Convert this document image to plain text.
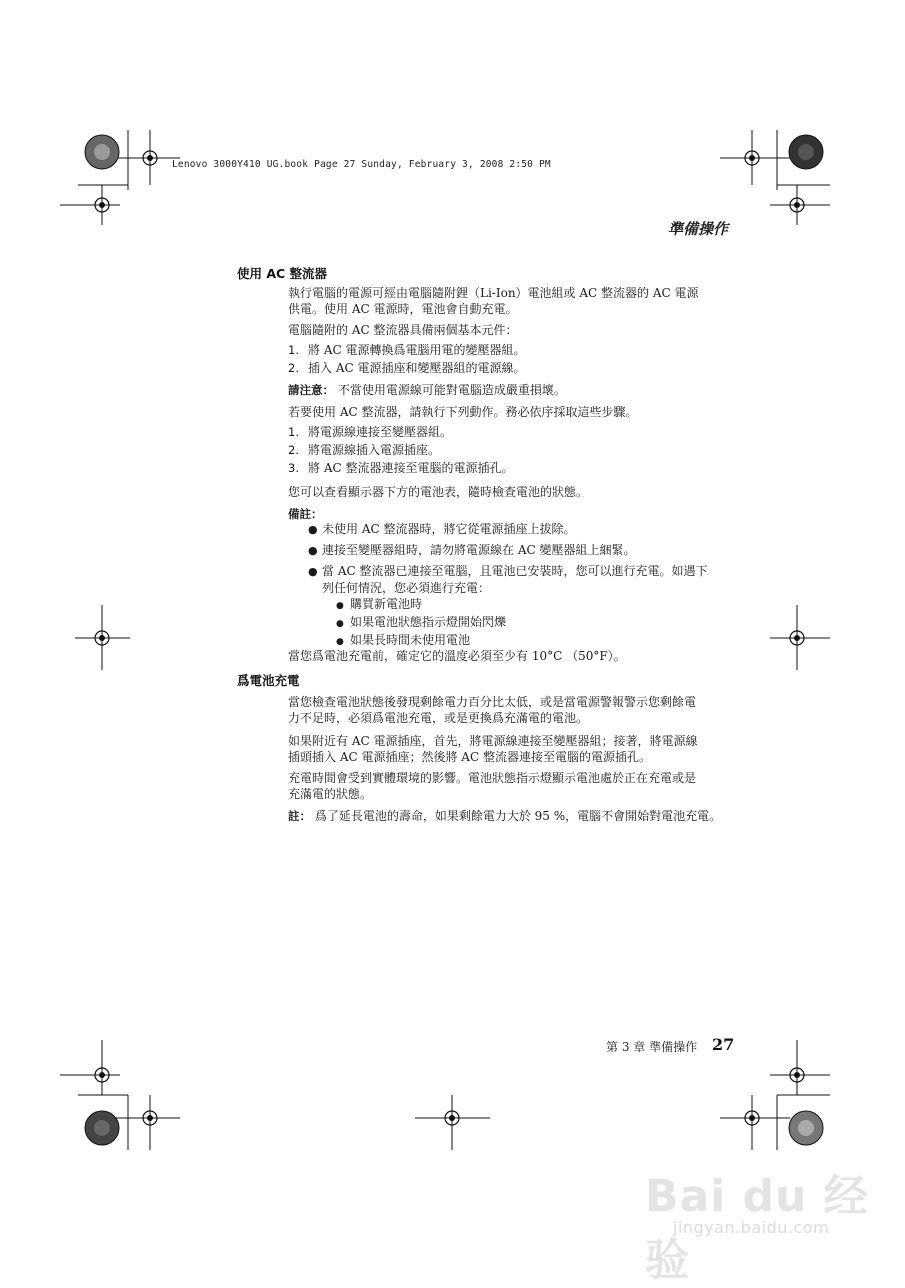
Lenovo 3000Y410 UG.book Page 27 Sunday, February 3, 2008 2:50 PM
準備操作
使用 AC 整流器
執行電腦的電源可經由電腦隨附鋰（Li-Ion）電池組或 AC 整流器的 AC 電源
供電。使用 AC 電源時，電池會自動充電。
電腦隨附的 AC 整流器具備兩個基本元件：
1. 將 AC 電源轉換爲電腦用電的變壓器組。
2. 插入 AC 電源插座和變壓器組的電源線。
請注意： 不當使用電源線可能對電腦造成嚴重損壞。
若要使用 AC 整流器，請執行下列動作。務必依序採取這些步驟。
1. 將電源線連接至變壓器組。
2. 將電源線插入電源插座。
3. 將 AC 整流器連接至電腦的電源插孔。
您可以查看顯示器下方的電池表，隨時檢查電池的狀態。
備註：
● 未使用 AC 整流器時，將它從電源插座上拔除。
● 連接至變壓器組時，請勿將電源線在 AC 變壓器組上綑緊。
● 當 AC 整流器已連接至電腦，且電池已安裝時，您可以進行充電。如遇下
列任何情況，您必須進行充電：
● 購買新電池時
● 如果電池狀態指示燈開始閃爍
● 如果長時間未使用電池
當您爲電池充電前，確定它的溫度必須至少有 10°C （50°F）。
爲電池充電
當您檢查電池狀態後發現剩餘電力百分比太低，或是當電源警報警示您剩餘電
力不足時，必須爲電池充電，或是更換爲充滿電的電池。
如果附近有 AC 電源插座，首先，將電源線連接至變壓器組；接著，將電源線
插頭插入 AC 電源插座；然後將 AC 整流器連接至電腦的電源插孔。
充電時間會受到實體環境的影響。電池狀態指示燈顯示電池處於正在充電或是
充滿電的狀態。
註： 爲了延長電池的壽命，如果剩餘電力大於 95 %，電腦不會開始對電池充電。
第 3 章 準備操作 27
Bai du 经验
jingyan.baidu.com
